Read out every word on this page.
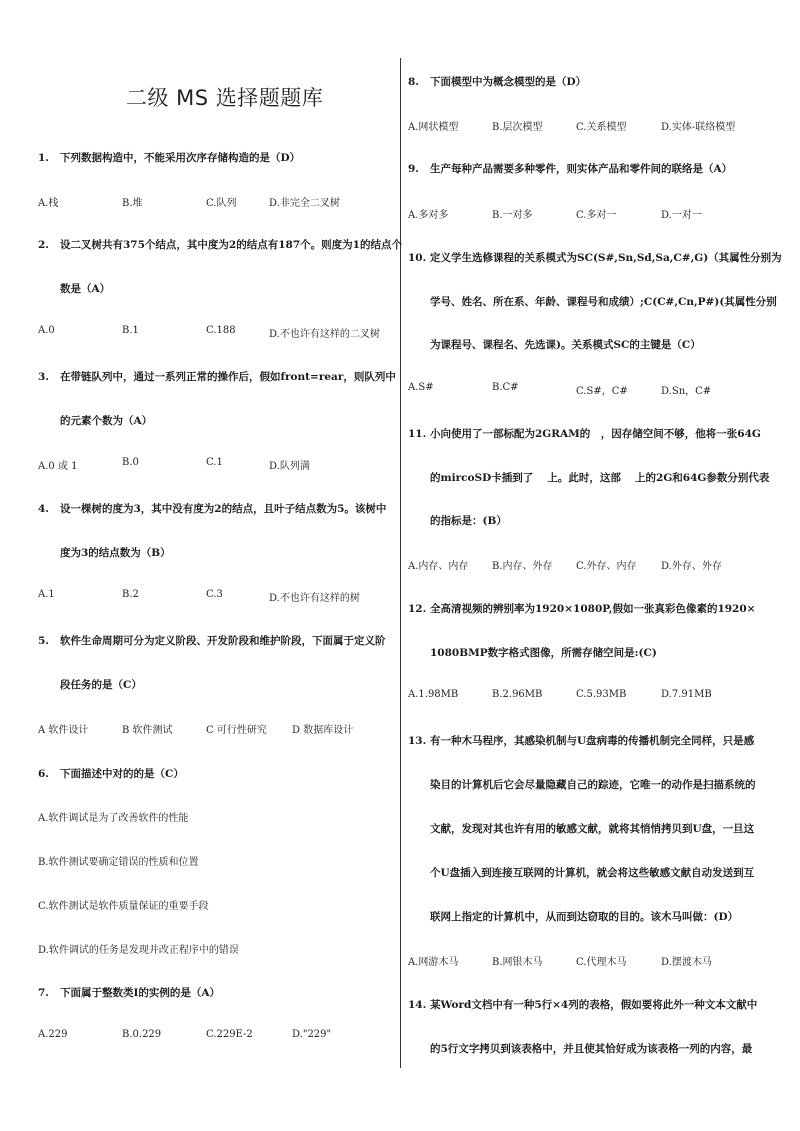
二级 MS 选择题题库
1. 下列数据构造中，不能采用次序存储构造的是（D）
A.栈	B.堆	C.队列	D.非完全二叉树
2. 设二叉树共有375个结点，其中度为2的结点有187个。则度为1的结点个
数是（A）
A.0	B.1	C.188	D.不也许有这样的二叉树
3. 在带链队列中，通过一系列正常的操作后，假如front=rear，则队列中
的元素个数为（A）
A.0 或 1	B.0	C.1	D.队列满
4. 设一棵树的度为3，其中没有度为2的结点，且叶子结点数为5。该树中
度为3的结点数为（B）
A.1	B.2	C.3	D.不也许有这样的树
5. 软件生命周期可分为定义阶段、开发阶段和维护阶段，下面属于定义阶
段任务的是（C）
A 软件设计	B 软件测试	C 可行性研究	D 数据库设计
6. 下面描述中对的的是（C）
A.软件调试是为了改善软件的性能
B.软件测试要确定错误的性质和位置
C.软件测试是软件质量保证的重要手段
D.软件调试的任务是发现并改正程序中的错误
7. 下面属于整数类I的实例的是（A）
A.229	B.0.229	C.229E-2	D."229"
8. 下面模型中为概念模型的是（D）
A.网状模型	B.层次模型	C.关系模型	D.实体-联络模型
9. 生产每种产品需要多种零件，则实体产品和零件间的联络是（A）
A.多对多	B.一对多	C.多对一	D.一对一
10. 定义学生选修课程的关系模式为SC(S#,Sn,Sd,Sa,C#,G)（其属性分别为
学号、姓名、所在系、年龄、课程号和成绩）;C(C#,Cn,P#)(其属性分别
为课程号、课程名、先选课)。关系模式SC的主键是（C）
A.S#	B.C#	C.S#，C#	D.Sn，C#
11. 小向使用了一部标配为2GRAM的　，因存储空间不够，他将一张64G
的mircoSD卡插到了　 上。此时，这部　 上的2G和64G参数分别代表
的指标是：(B）
A.内存、内存 B.内存、外存 C.外存、内存 D.外存、外存
12. 全高清视频的辨别率为1920×1080P,假如一张真彩色像素的1920×
1080BMP数字格式图像，所需存储空间是:(C)
A.1.98MB	B.2.96MB	C.5.93MB	D.7.91MB
13. 有一种木马程序，其感染机制与U盘病毒的传播机制完全同样，只是感
染目的计算机后它会尽量隐藏自己的踪迹，它唯一的动作是扫描系统的
文献，发现对其也许有用的敏感文献，就将其悄悄拷贝到U盘，一旦这
个U盘插入到连接互联网的计算机，就会将这些敏感文献自动发送到互
联网上指定的计算机中，从而到达窃取的目的。该木马叫做：(D）
A.网游木马	B.网银木马	C.代理木马	D.摆渡木马
14. 某Word文档中有一种5行×4列的表格，假如要将此外一种文本文献中
的5行文字拷贝到该表格中，并且使其恰好成为该表格一列的内容，最
